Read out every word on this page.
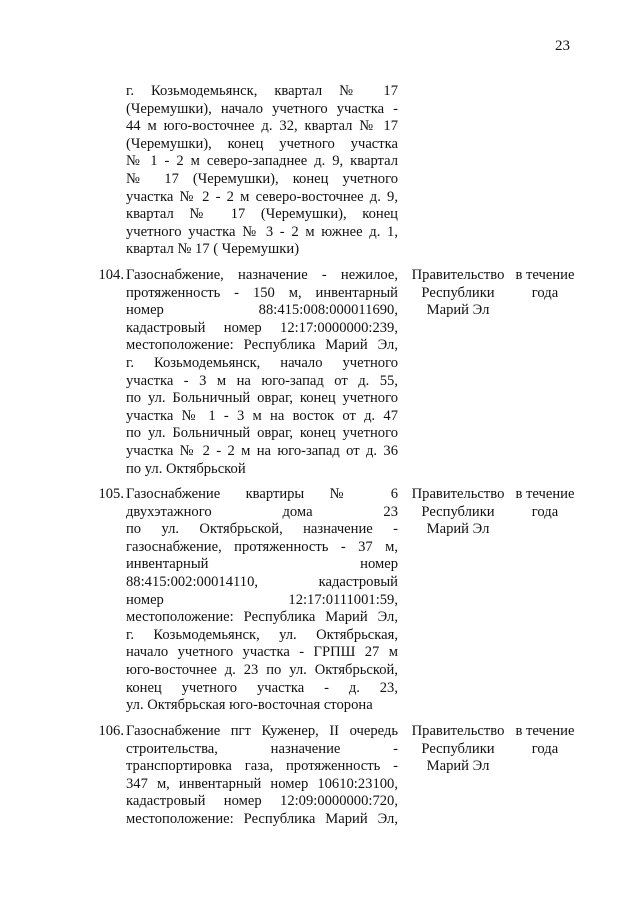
23
г. Козьмодемьянск, квартал № 17
(Черемушки), начало учетного участка -
44 м юго-восточнее д. 32, квартал № 17
(Черемушки), конец учетного участка
№ 1 - 2 м северо-западнее д. 9, квартал
№ 17 (Черемушки), конец учетного
участка № 2 - 2 м северо-восточнее д. 9,
квартал № 17 (Черемушки), конец
учетного участка № 3 - 2 м южнее д. 1,
квартал № 17 ( Черемушки)
104. Газоснабжение, назначение - нежилое,
протяженность - 150 м, инвентарный
номер 88:415:008:000011690,
кадастровый номер 12:17:0000000:239,
местоположение: Республика Марий Эл,
г. Козьмодемьянск, начало учетного
участка - 3 м на юго-запад от д. 55,
по ул. Больничный овраг, конец учетного
участка № 1 - 3 м на восток от д. 47
по ул. Больничный овраг, конец учетного
участка № 2 - 2 м на юго-запад от д. 36
по ул. Октябрьской
Правительство
Республики
Марий Эл
в течение
года
105. Газоснабжение квартиры № 6
двухэтажного дома 23
по ул. Октябрьской, назначение -
газоснабжение, протяженность - 37 м,
инвентарный номер
88:415:002:00014110, кадастровый
номер 12:17:0111001:59,
местоположение: Республика Марий Эл,
г. Козьмодемьянск, ул. Октябрьская,
начало учетного участка - ГРПШ 27 м
юго-восточнее д. 23 по ул. Октябрьской,
конец учетного участка - д. 23,
ул. Октябрьская юго-восточная сторона
Правительство
Республики
Марий Эл
в течение
года
106. Газоснабжение пгт Куженер, II очередь
строительства, назначение -
транспортировка газа, протяженность -
347 м, инвентарный номер 10610:23100,
кадастровый номер 12:09:0000000:720,
местоположение: Республика Марий Эл,
Правительство
Республики
Марий Эл
в течение
года
